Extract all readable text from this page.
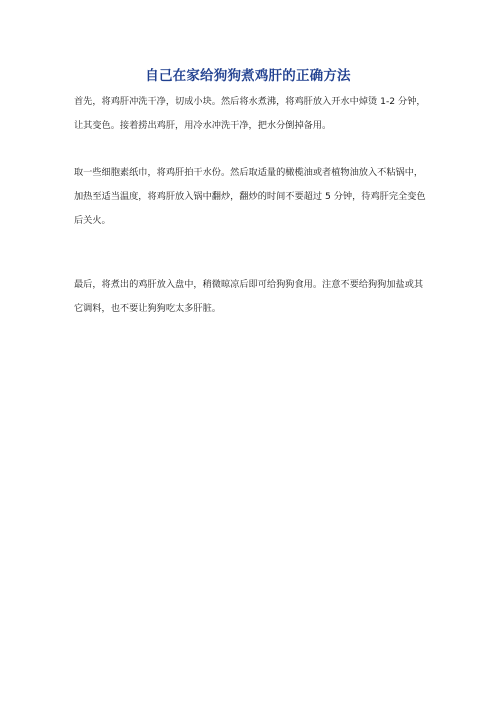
自己在家给狗狗煮鸡肝的正确方法
首先，将鸡肝冲洗干净，切成小块。然后将水煮沸，将鸡肝放入开水中焯烫 1-2 分钟，让其变色。接着捞出鸡肝，用冷水冲洗干净，把水分倒掉备用。
取一些细胞素纸巾，将鸡肝拍干水份。然后取适量的橄榄油或者植物油放入不粘锅中，加热至适当温度，将鸡肝放入锅中翻炒，翻炒的时间不要超过 5 分钟，待鸡肝完全变色后关火。
最后，将煮出的鸡肝放入盘中，稍微晾凉后即可给狗狗食用。注意不要给狗狗加盐或其它调料，也不要让狗狗吃太多肝脏。
